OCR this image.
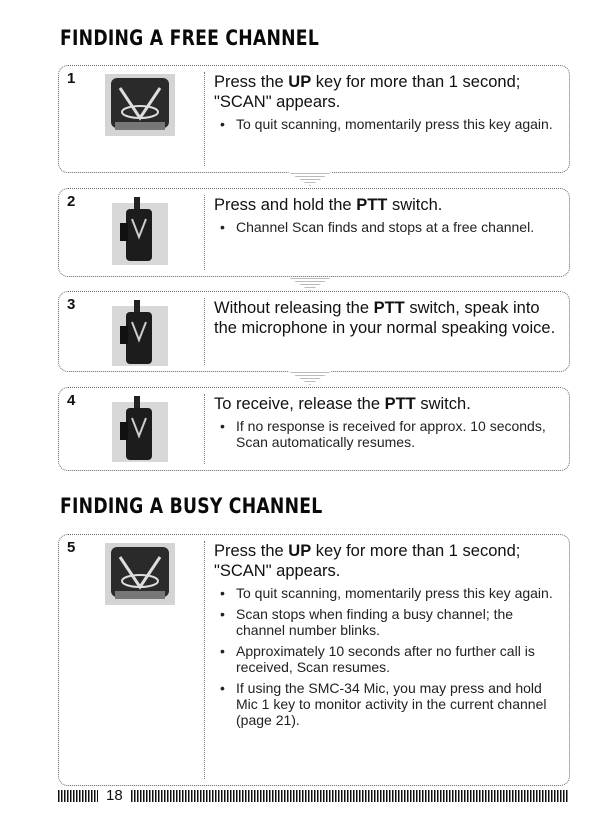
FINDING A FREE CHANNEL
1	Press the UP key for more than 1 second; "SCAN" appears.

• To quit scanning, momentarily press this key again.
2	Press and hold the PTT switch.

• Channel Scan finds and stops at a free channel.
3	Without releasing the PTT switch, speak into the microphone in your normal speaking voice.

4	To receive, release the PTT switch.

• If no response is received for approx. 10 seconds, Scan automatically resumes.
FINDING A BUSY CHANNEL
5	Press the UP key for more than 1 second; "SCAN" appears.

• To quit scanning, momentarily press this key again.
• Scan stops when finding a busy channel; the channel number blinks.
• Approximately 10 seconds after no further call is received, Scan resumes.
• If using the SMC-34 Mic, you may press and hold Mic 1 key to monitor activity in the current channel (page 21).
18
